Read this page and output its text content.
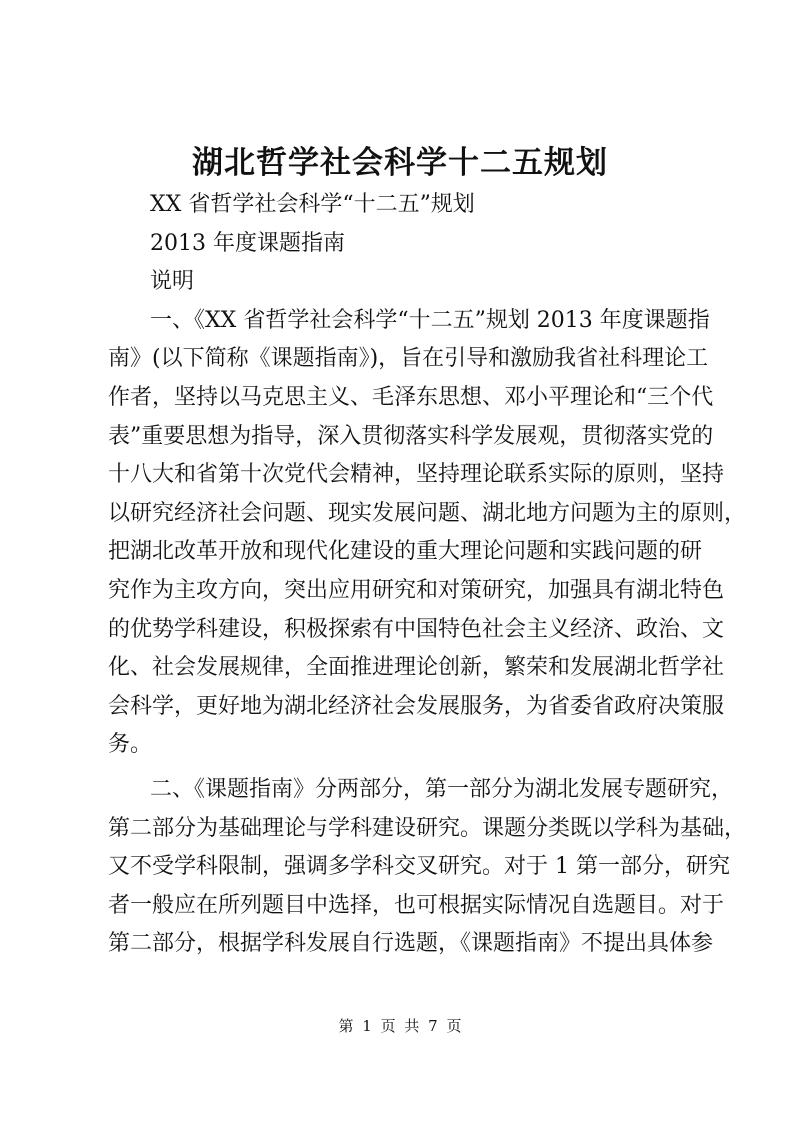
湖北哲学社会科学十二五规划
XX 省哲学社会科学“十二五”规划
2013 年度课题指南
说明
一、《XX 省哲学社会科学“十二五”规划 2013 年度课题指
南》(以下简称《课题指南》)，旨在引导和激励我省社科理论工
作者，坚持以马克思主义、毛泽东思想、邓小平理论和“三个代
表”重要思想为指导，深入贯彻落实科学发展观，贯彻落实党的
十八大和省第十次党代会精神，坚持理论联系实际的原则，坚持
以研究经济社会问题、现实发展问题、湖北地方问题为主的原则，
把湖北改革开放和现代化建设的重大理论问题和实践问题的研
究作为主攻方向，突出应用研究和对策研究，加强具有湖北特色
的优势学科建设，积极探索有中国特色社会主义经济、政治、文
化、社会发展规律，全面推进理论创新，繁荣和发展湖北哲学社
会科学，更好地为湖北经济社会发展服务，为省委省政府决策服
务。
二、《课题指南》分两部分，第一部分为湖北发展专题研究，
第二部分为基础理论与学科建设研究。课题分类既以学科为基础，
又不受学科限制，强调多学科交叉研究。对于 1 第一部分，研究
者一般应在所列题目中选择，也可根据实际情况自选题目。对于
第二部分，根据学科发展自行选题，《课题指南》不提出具体参
第 1 页 共 7 页
